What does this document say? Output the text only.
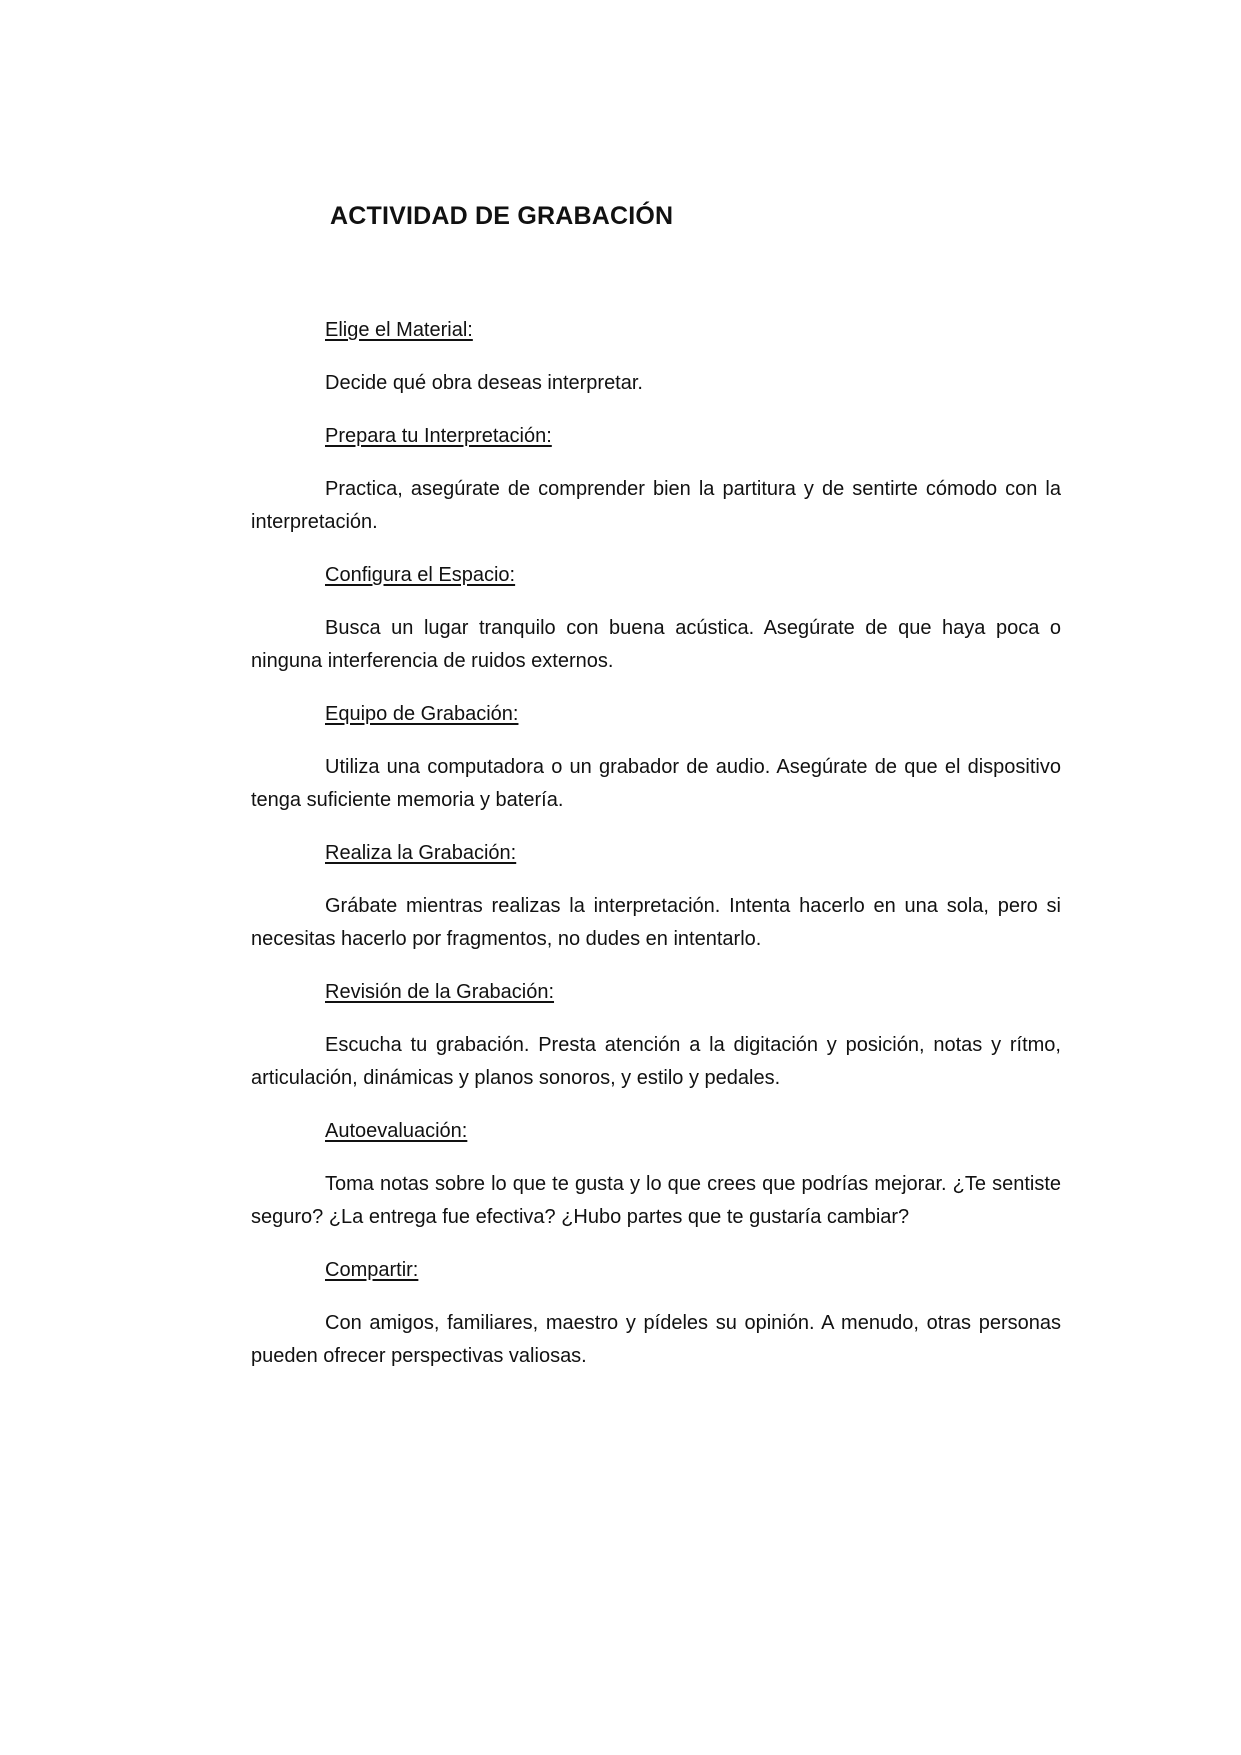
ACTIVIDAD DE GRABACIÓN

Elige el Material:

Decide qué obra deseas interpretar.

Prepara tu Interpretación:

Practica, asegúrate de comprender bien la partitura y de sentirte cómodo con la interpretación.

Configura el Espacio:

Busca un lugar tranquilo con buena acústica. Asegúrate de que haya poca o ninguna interferencia de ruidos externos.

Equipo de Grabación:

Utiliza una computadora o un grabador de audio. Asegúrate de que el dispositivo tenga suficiente memoria y batería.

Realiza la Grabación:

Grábate mientras realizas la interpretación. Intenta hacerlo en una sola, pero si necesitas hacerlo por fragmentos, no dudes en intentarlo.

Revisión de la Grabación:

Escucha tu grabación. Presta atención a la digitación y posición, notas y rítmo, articulación, dinámicas y planos sonoros, y estilo y pedales.

Autoevaluación:

Toma notas sobre lo que te gusta y lo que crees que podrías mejorar. ¿Te sentiste seguro? ¿La entrega fue efectiva? ¿Hubo partes que te gustaría cambiar?

Compartir:

Con amigos, familiares, maestro y pídeles su opinión. A menudo, otras personas pueden ofrecer perspectivas valiosas.
